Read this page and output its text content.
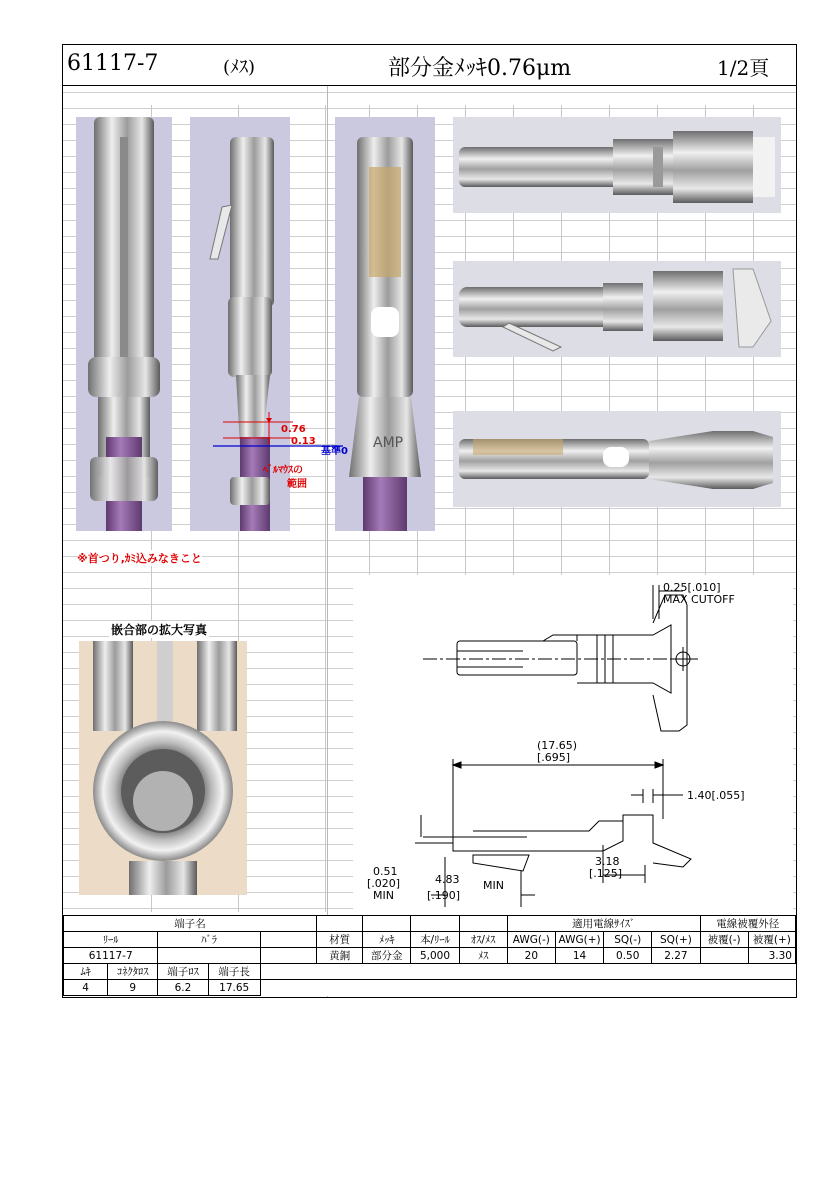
61117-7	(ﾒｽ)	部分金ﾒｯｷ0.76μm	1/2頁
AMP
0.76
0.13
基準0
ﾍﾞﾙﾏｳｽの
範囲
※首つり,ｶﾐ込みなきこと
嵌合部の拡大写真
0.25[.010]
MAX CUTOFF
(17.65)
[.695]
1.40[.055]
3.18
[.125]
0.51
[.020]
MIN
4.83
[.190]
MIN
端子名									適用電線ｻｲｽﾞ				電線被覆外径	
ﾘｰﾙ		ﾊﾞﾗ			材質	ﾒｯｷ	本/ﾘｰﾙ	ｵｽ/ﾒｽ	AWG(-)	AWG(+)	SQ(-)	SQ(+)	被覆(-)	被覆(+)
61117-7					黄銅	部分金	5,000	ﾒｽ	20	14	0.50	2.27		3.30
ﾑｷ	ｺﾈｸﾀﾛｽ	端子ﾛｽ	端子長											
4	9	6.2	17.65											
